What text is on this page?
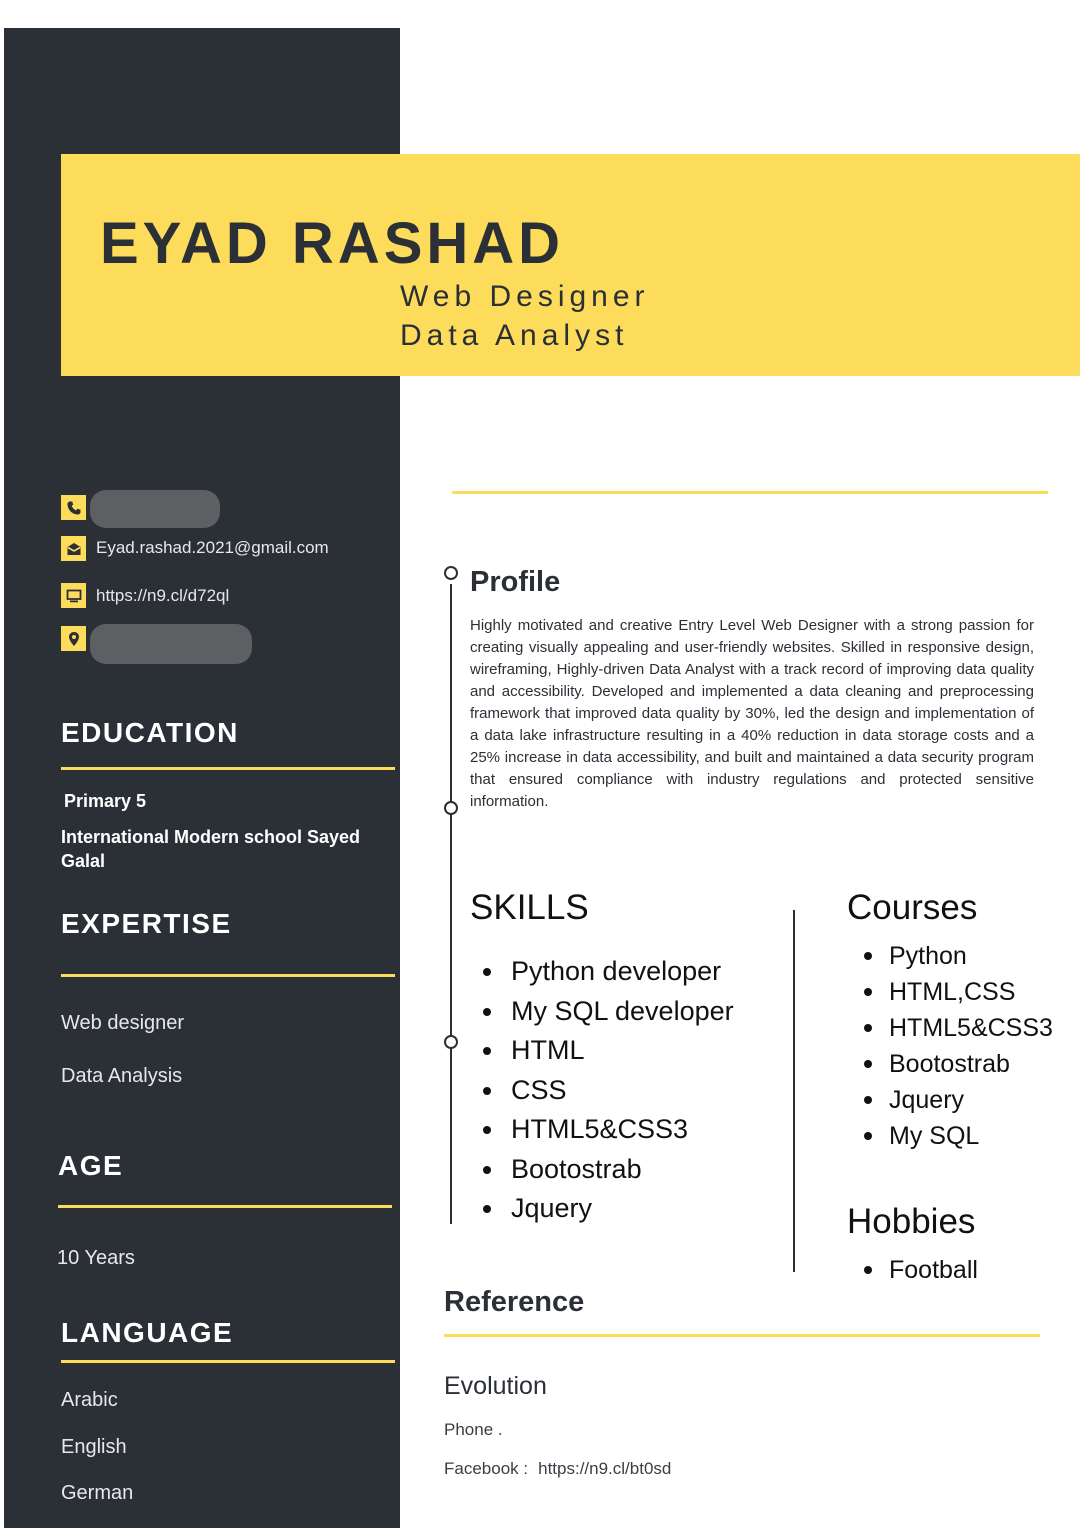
EYAD RASHAD
Web Designer
Data Analyst
Eyad.rashad.2021@gmail.com
https://n9.cl/d72ql
EDUCATION
Primary 5
International Modern school Sayed Galal
EXPERTISE
Web designer
Data Analysis
AGE
10 Years
LANGUAGE
Arabic
English
German
Profile

Highly motivated and creative Entry Level Web Designer with a strong passion for creating visually appealing and user-friendly websites. Skilled in responsive design, wireframing, Highly-driven Data Analyst with a track record of improving data quality and accessibility. Developed and implemented a data cleaning and preprocessing framework that improved data quality by 30%, led the design and implementation of a data lake infrastructure resulting in a 40% reduction in data storage costs and a 25% increase in data accessibility, and built and maintained a data security program that ensured compliance with industry regulations and protected sensitive information.

SKILLS
Python developer
My SQL developer
HTML
CSS
HTML5&CSS3
Bootostrab
Jquery
Courses
Python
HTML,CSS
HTML5&CSS3
Bootostrab
Jquery
My SQL
Hobbies
Football
Reference
Evolution
Phone .
Facebook : https://n9.cl/bt0sd
